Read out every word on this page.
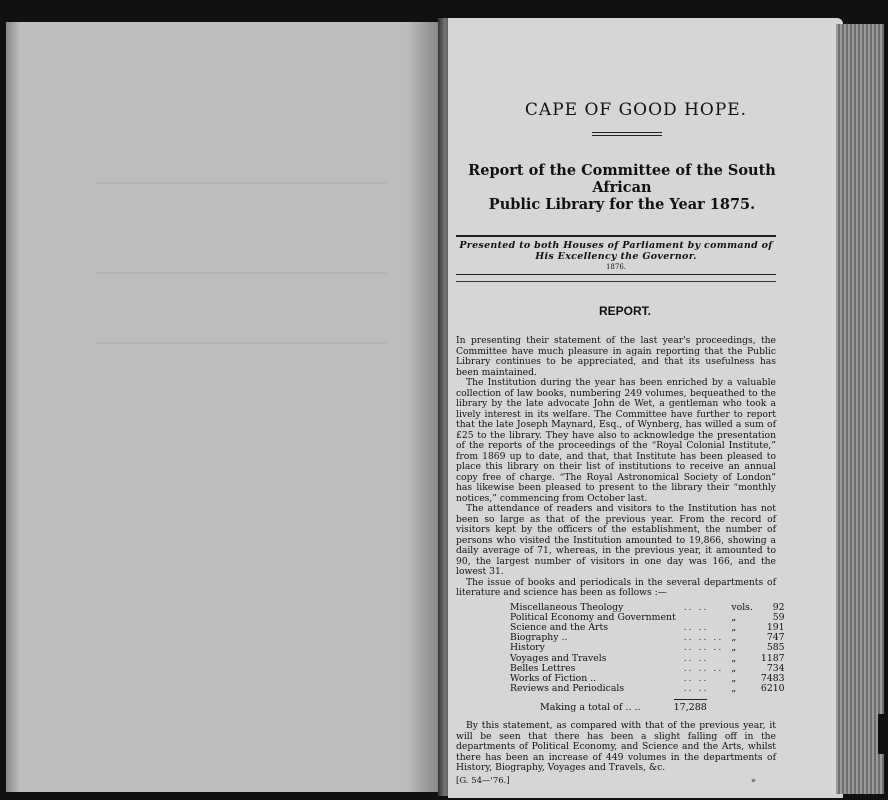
CAPE OF GOOD HOPE.
Report of the Committee of the South African
Public Library for the Year 1875.
Presented to both Houses of Parliament by command of His Excellency the Governor.
1876.
REPORT.

In presenting their statement of the last year's proceedings, the Committee have much pleasure in again reporting that the Public Library continues to be appreciated, and that its usefulness has been maintained.

The Institution during the year has been enriched by a valuable collection of law books, numbering 249 volumes, bequeathed to the library by the late advocate John de Wet, a gentleman who took a lively interest in its welfare. The Committee have further to report that the late Joseph Maynard, Esq., of Wynberg, has willed a sum of £25 to the library. They have also to acknowledge the presentation of the reports of the proceedings of the “Royal Colonial Institute,” from 1869 up to date, and that, that Institute has been pleased to place this library on their list of institutions to receive an annual copy free of charge. “The Royal Astronomical Society of London” has likewise been pleased to present to the library their “monthly notices,” commencing from October last.

The attendance of readers and visitors to the Institution has not been so large as that of the previous year. From the record of visitors kept by the officers of the establishment, the number of persons who visited the Institution amounted to 19,866, showing a daily average of 71, whereas, in the previous year, it amounted to 90, the largest number of visitors in one day was 166, and the lowest 31.

The issue of books and periodicals in the several departments of literature and science has been as follows :—

Miscellaneous Theology	.. ..	vols.	92
Political Economy and Government		„	59
Science and the Arts	.. ..	„	191
Biography ..	.. .. ..	„	747
History	.. .. ..	„	585
Voyages and Travels	.. ..	„	1187
Belles Lettres	.. .. ..	„	734
Works of Fiction ..	.. ..	„	7483
Reviews and Periodicals	.. ..	„	6210
Making a total of .. ..	17,288

By this statement, as compared with that of the previous year, it will be seen that there has been a slight falling off in the departments of Political Economy, and Science and the Arts, whilst there has been an increase of 449 volumes in the departments of History, Biography, Voyages and Travels, &c.

[G. 54—'76.]	»
